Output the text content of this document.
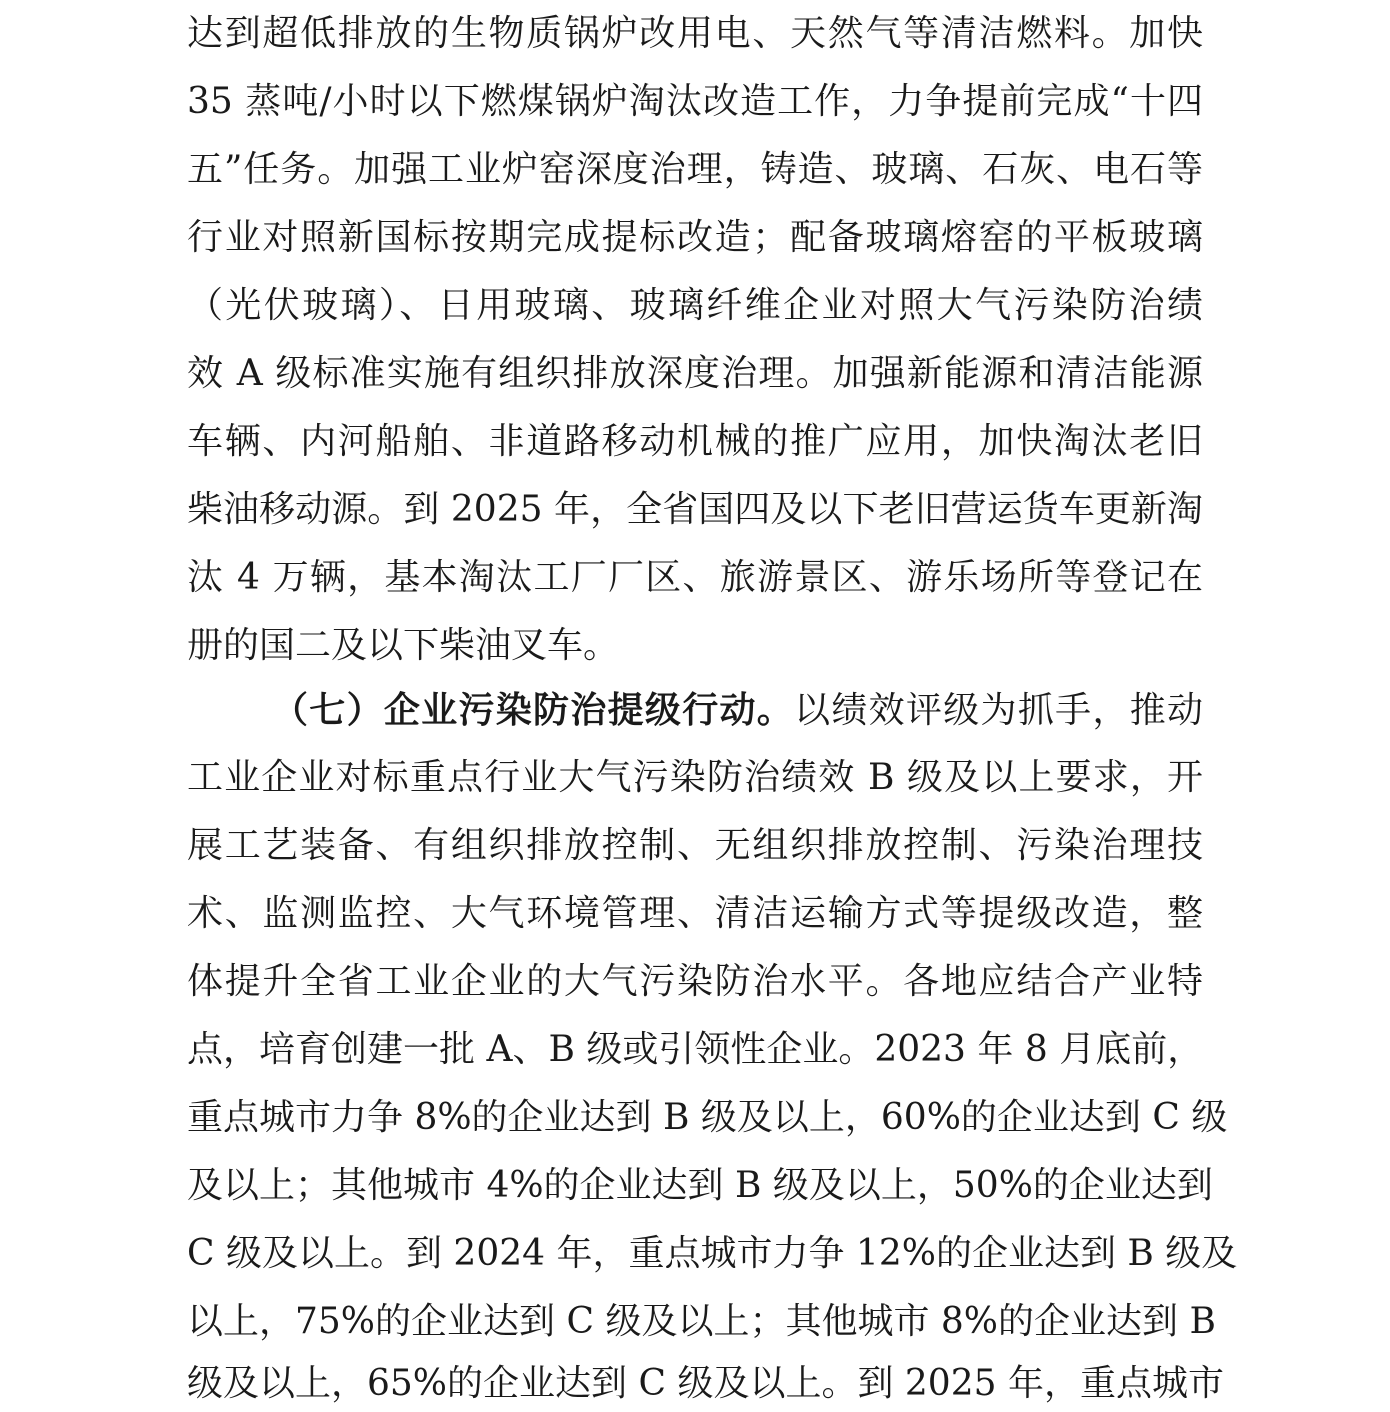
达到超低排放的生物质锅炉改用电、天然气等清洁燃料。加快
35 蒸吨/小时以下燃煤锅炉淘汰改造工作，力争提前完成“十四
五”任务。加强工业炉窑深度治理，铸造、玻璃、石灰、电石等
行业对照新国标按期完成提标改造；配备玻璃熔窑的平板玻璃
（光伏玻璃）、日用玻璃、玻璃纤维企业对照大气污染防治绩
效 A 级标准实施有组织排放深度治理。加强新能源和清洁能源
车辆、内河船舶、非道路移动机械的推广应用，加快淘汰老旧
柴油移动源。到 2025 年，全省国四及以下老旧营运货车更新淘
汰 4 万辆，基本淘汰工厂厂区、旅游景区、游乐场所等登记在
册的国二及以下柴油叉车。
（七）企业污染防治提级行动。以绩效评级为抓手，推动
工业企业对标重点行业大气污染防治绩效 B 级及以上要求，开
展工艺装备、有组织排放控制、无组织排放控制、污染治理技
术、监测监控、大气环境管理、清洁运输方式等提级改造，整
体提升全省工业企业的大气污染防治水平。各地应结合产业特
点，培育创建一批 A、B 级或引领性企业。2023 年 8 月底前，
重点城市力争 8%的企业达到 B 级及以上，60%的企业达到 C 级
及以上；其他城市 4%的企业达到 B 级及以上，50%的企业达到
C 级及以上。到 2024 年，重点城市力争 12%的企业达到 B 级及
以上，75%的企业达到 C 级及以上；其他城市 8%的企业达到 B
级及以上，65%的企业达到 C 级及以上。到 2025 年，重点城市
